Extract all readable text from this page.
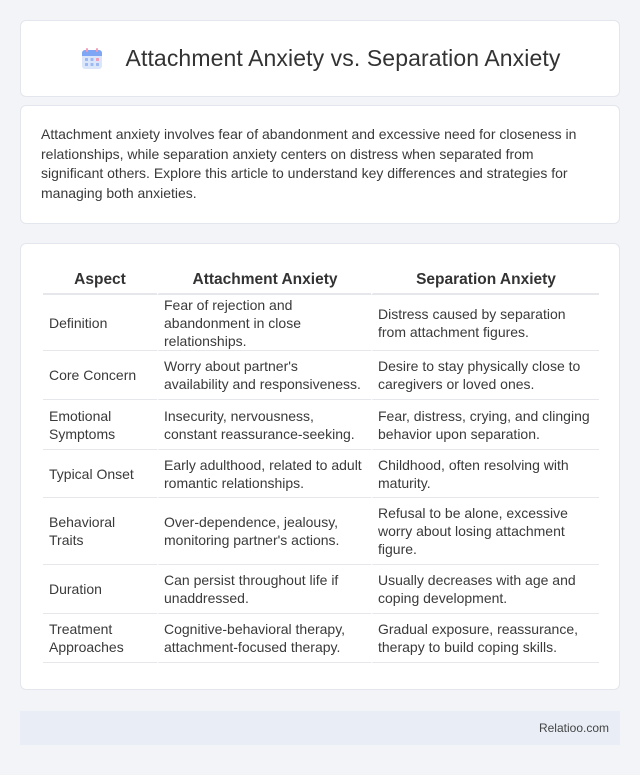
Attachment Anxiety vs. Separation Anxiety

Attachment anxiety involves fear of abandonment and excessive need for closeness in relationships, while separation anxiety centers on distress when separated from significant others. Explore this article to understand key differences and strategies for managing both anxieties.

Aspect	Attachment Anxiety	Separation Anxiety
Definition	Fear of rejection and abandonment in close relationships.	Distress caused by separation from attachment figures.
Core Concern	Worry about partner's availability and responsiveness.	Desire to stay physically close to caregivers or loved ones.
Emotional Symptoms	Insecurity, nervousness, constant reassurance-seeking.	Fear, distress, crying, and clinging behavior upon separation.
Typical Onset	Early adulthood, related to adult romantic relationships.	Childhood, often resolving with maturity.
Behavioral Traits	Over-dependence, jealousy, monitoring partner's actions.	Refusal to be alone, excessive worry about losing attachment figure.
Duration	Can persist throughout life if unaddressed.	Usually decreases with age and coping development.
Treatment Approaches	Cognitive-behavioral therapy, attachment-focused therapy.	Gradual exposure, reassurance, therapy to build coping skills.
Relatioo.com
